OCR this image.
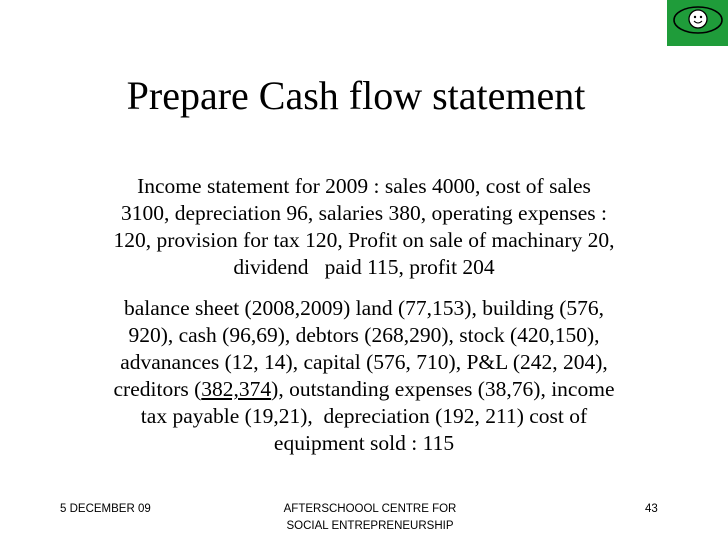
Prepare Cash flow statement
Income statement for 2009 : sales 4000, cost of sales
3100, depreciation 96, salaries 380, operating expenses :
120, provision for tax 120, Profit on sale of machinary 20,
dividend   paid 115, profit 204
balance sheet (2008,2009) land (77,153), building (576,
920), cash (96,69), debtors (268,290), stock (420,150),
advanances (12, 14), capital (576, 710), P&L (242, 204),
creditors (382,374), outstanding expenses (38,76), income
tax payable (19,21),  depreciation (192, 211) cost of
equipment sold : 115
5 DECEMBER 09	AFTERSCHOOOL CENTRE FOR
SOCIAL ENTREPRENEURSHIP
43
